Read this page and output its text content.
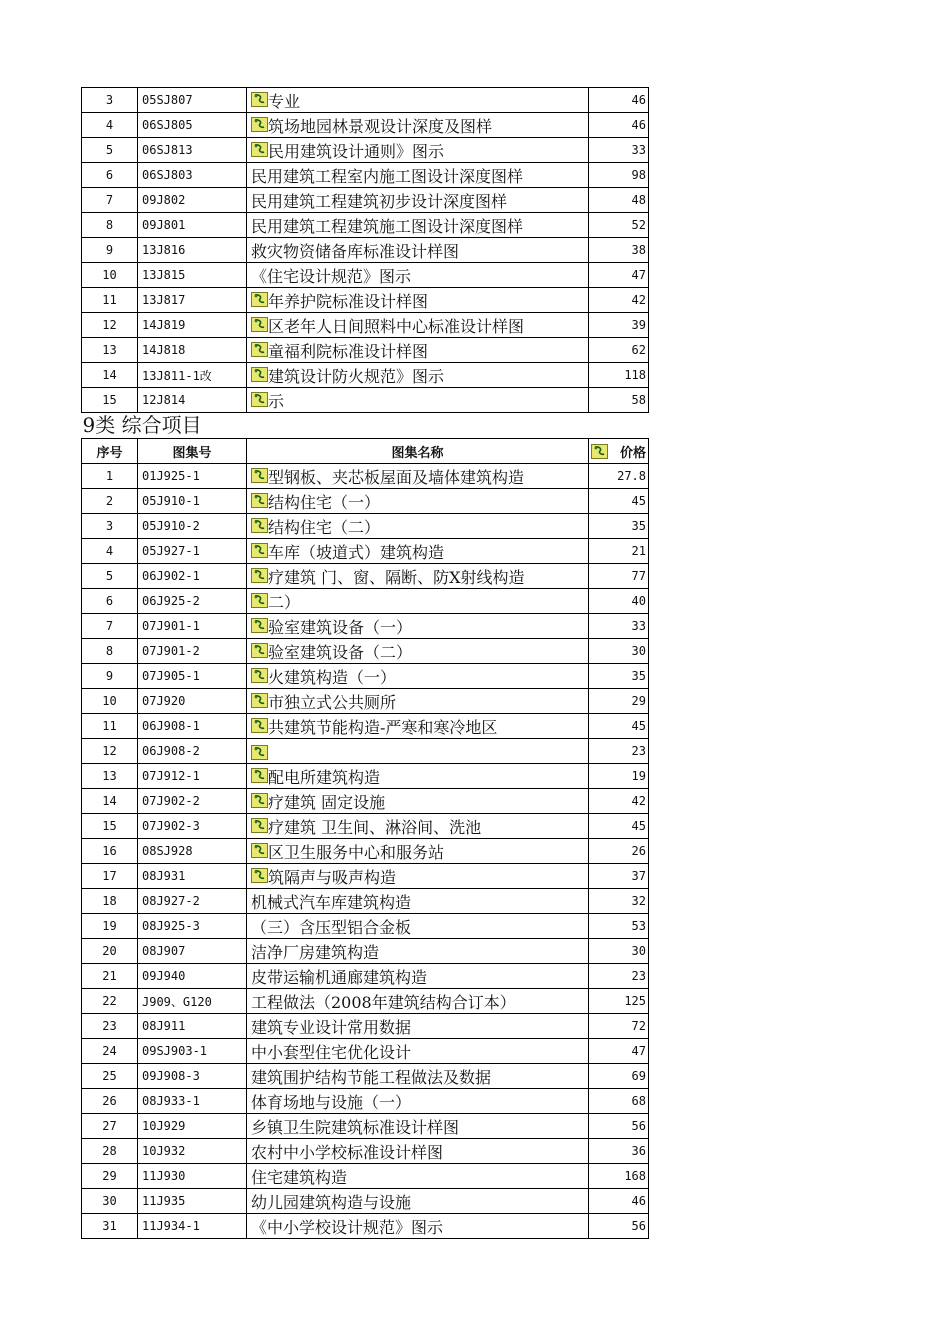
3	05SJ807	专业	46
4	06SJ805	筑场地园林景观设计深度及图样	46
5	06SJ813	民用建筑设计通则》图示	33
6	06SJ803	民用建筑工程室内施工图设计深度图样	98
7	09J802	民用建筑工程建筑初步设计深度图样	48
8	09J801	民用建筑工程建筑施工图设计深度图样	52
9	13J816	救灾物资储备库标准设计样图	38
10	13J815	《住宅设计规范》图示	47
11	13J817	年养护院标准设计样图	42
12	14J819	区老年人日间照料中心标准设计样图	39
13	14J818	童福利院标准设计样图	62
14	13J811-1改	建筑设计防火规范》图示	118
15	12J814	示	58
9类 综合项目			
序号	图集号	图集名称	价格
1	01J925-1	型钢板、夹芯板屋面及墙体建筑构造	27.8
2	05J910-1	结构住宅（一）	45
3	05J910-2	结构住宅（二）	35
4	05J927-1	车库（坡道式）建筑构造	21
5	06J902-1	疗建筑 门、窗、隔断、防X射线构造	77
6	06J925-2	二）	40
7	07J901-1	验室建筑设备（一）	33
8	07J901-2	验室建筑设备（二）	30
9	07J905-1	火建筑构造（一）	35
10	07J920	市独立式公共厕所	29
11	06J908-1	共建筑节能构造-严寒和寒冷地区	45
12	06J908-2		23
13	07J912-1	配电所建筑构造	19
14	07J902-2	疗建筑 固定设施	42
15	07J902-3	疗建筑 卫生间、淋浴间、洗池	45
16	08SJ928	区卫生服务中心和服务站	26
17	08J931	筑隔声与吸声构造	37
18	08J927-2	机械式汽车库建筑构造	32
19	08J925-3	（三）含压型铝合金板	53
20	08J907	洁净厂房建筑构造	30
21	09J940	皮带运输机通廊建筑构造	23
22	J909、G120	工程做法（2008年建筑结构合订本）	125
23	08J911	建筑专业设计常用数据	72
24	09SJ903-1	中小套型住宅优化设计	47
25	09J908-3	建筑围护结构节能工程做法及数据	69
26	08J933-1	体育场地与设施（一）	68
27	10J929	乡镇卫生院建筑标准设计样图	56
28	10J932	农村中小学校标准设计样图	36
29	11J930	住宅建筑构造	168
30	11J935	幼儿园建筑构造与设施	46
31	11J934-1	《中小学校设计规范》图示	56
